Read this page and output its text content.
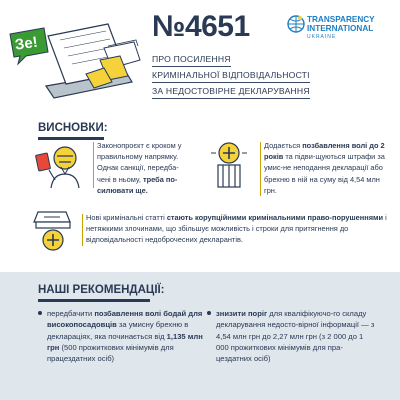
Зе!
№4651	TRANSPARENCY
INTERNATIONAL
UKRAINE
ПРО ПОСИЛЕННЯ
КРИМІНАЛЬНОЇ ВІДПОВІДАЛЬНОСТІ
ЗА НЕДОСТОВІРНЕ ДЕКЛАРУВАННЯ
ВИСНОВКИ:
Законопроєкт є кроком у правильному напрямку. Однак санкції, передба-чені в ньому, треба по-силювати ще.
Додається позбавлення волі до 2 років та підви-щуються штрафи за умис-не неподання декларації або брехню в ній на суму від 4,54 млн грн.
Нові кримінальні статті стають корупційними кримінальними право-порушеннями і нетяжкими злочинами, що збільшує можливість і строки для притягнення до відповідальності недоброчесних декларантів.
НАШІ РЕКОМЕНДАЦІЇ:
передбачити позбавлення волі бодай для високопосадовців за умисну брехню в деклараціях, яка починається від 1,135 млн грн (500 прожиткових мінімумів для працездатних осіб)
знизити поріг для кваліфікуючо-го складу декларування недосто-вірної інформації — з 4,54 млн грн до 2,27 млн грн (з 2 000 до 1 000 прожиткових мінімумів для пра-цездатних осіб)
